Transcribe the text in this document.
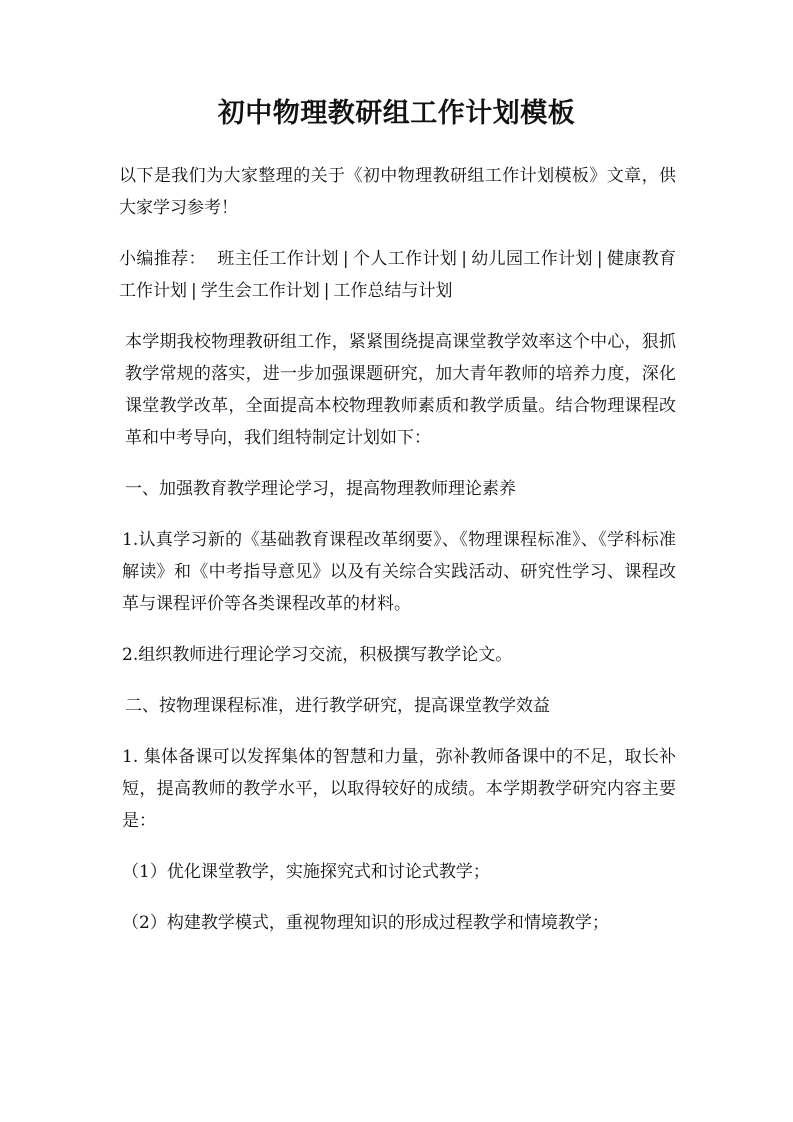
初中物理教研组工作计划模板

以下是我们为大家整理的关于《初中物理教研组工作计划模板》文章，供大家学习参考！

小编推荐： 班主任工作计划 | 个人工作计划 | 幼儿园工作计划 | 健康教育工作计划 | 学生会工作计划 | 工作总结与计划

本学期我校物理教研组工作，紧紧围绕提高课堂教学效率这个中心，狠抓教学常规的落实，进一步加强课题研究，加大青年教师的培养力度，深化课堂教学改革，全面提高本校物理教师素质和教学质量。结合物理课程改革和中考导向，我们组特制定计划如下：

一、加强教育教学理论学习，提高物理教师理论素养

1.认真学习新的《基础教育课程改革纲要》、《物理课程标准》、《学科标准解读》和《中考指导意见》以及有关综合实践活动、研究性学习、课程改革与课程评价等各类课程改革的材料。

2.组织教师进行理论学习交流，积极撰写教学论文。

二、按物理课程标准，进行教学研究，提高课堂教学效益

1. 集体备课可以发挥集体的智慧和力量，弥补教师备课中的不足，取长补短，提高教师的教学水平，以取得较好的成绩。本学期教学研究内容主要是：

（1）优化课堂教学，实施探究式和讨论式教学；

（2）构建教学模式，重视物理知识的形成过程教学和情境教学；
